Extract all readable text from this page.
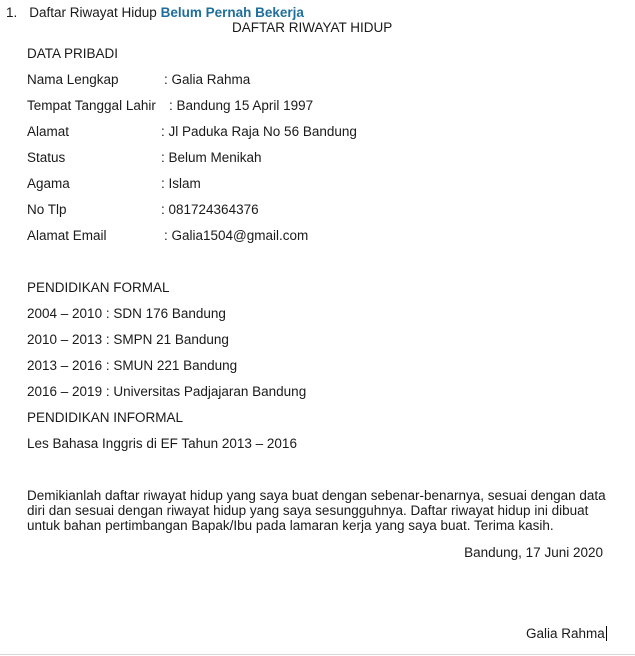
1. Daftar Riwayat Hidup Belum Pernah Bekerja
DAFTAR RIWAYAT HIDUP
DATA PRIBADI
Nama Lengkap	: Galia Rahma
Tempat Tanggal Lahir : Bandung 15 April 1997
Alamat	: Jl Paduka Raja No 56 Bandung
Status	: Belum Menikah
Agama	: Islam
No Tlp	: 081724364376
Alamat Email	: Galia1504@gmail.com
PENDIDIKAN FORMAL
2004 – 2010 : SDN 176 Bandung
2010 – 2013 : SMPN 21 Bandung
2013 – 2016 : SMUN 221 Bandung
2016 – 2019 : Universitas Padjajaran Bandung
PENDIDIKAN INFORMAL
Les Bahasa Inggris di EF Tahun 2013 – 2016
Demikianlah daftar riwayat hidup yang saya buat dengan sebenar-benarnya, sesuai dengan data diri dan sesuai dengan riwayat hidup yang saya sesungguhnya. Daftar riwayat hidup ini dibuat untuk bahan pertimbangan Bapak/Ibu pada lamaran kerja yang saya buat. Terima kasih.
Bandung, 17 Juni 2020
Galia Rahma
